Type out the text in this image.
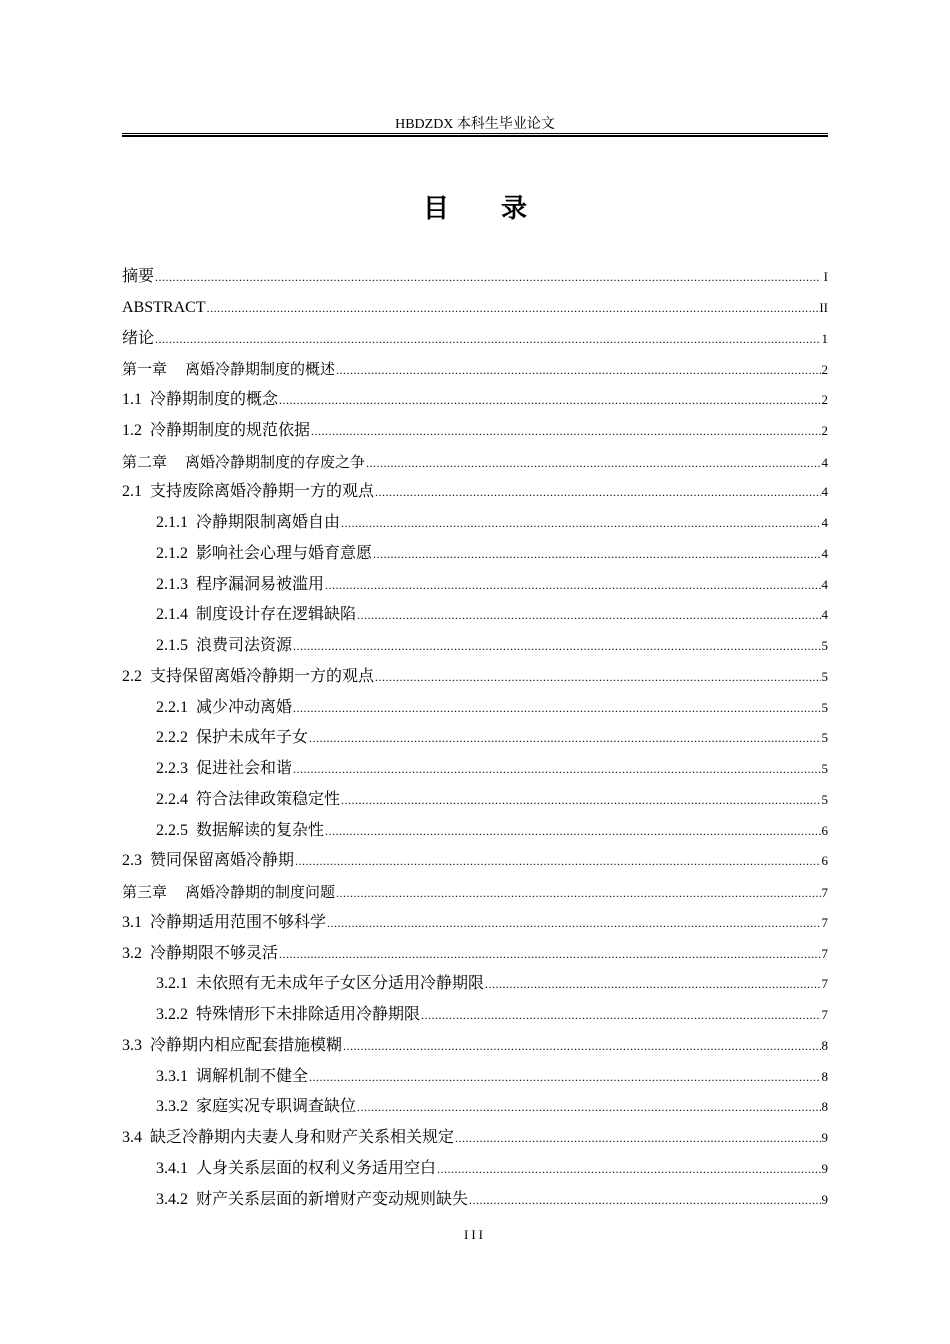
HBDZDX 本科生毕业论文
目录
摘要 .....	I
ABSTRACT .....	II
绪论 .....	1
第一章 离婚冷静期制度的概述 .....	2
1.1 冷静期制度的概念 .....	2
1.2 冷静期制度的规范依据 .....	2
第二章 离婚冷静期制度的存废之争 .....	4
2.1 支持废除离婚冷静期一方的观点 .....	4
2.1.1 冷静期限制离婚自由 .....	4
2.1.2 影响社会心理与婚育意愿 .....	4
2.1.3 程序漏洞易被滥用 .....	4
2.1.4 制度设计存在逻辑缺陷 .....	4
2.1.5 浪费司法资源 .....	5
2.2 支持保留离婚冷静期一方的观点 .....	5
2.2.1 减少冲动离婚 .....	5
2.2.2 保护未成年子女 .....	5
2.2.3 促进社会和谐 .....	5
2.2.4 符合法律政策稳定性 .....	5
2.2.5 数据解读的复杂性 .....	6
2.3 赞同保留离婚冷静期 .....	6
第三章 离婚冷静期的制度问题 .....	7
3.1 冷静期适用范围不够科学 .....	7
3.2 冷静期限不够灵活 .....	7
3.2.1 未依照有无未成年子女区分适用冷静期限 .....	7
3.2.2 特殊情形下未排除适用冷静期限 .....	7
3.3 冷静期内相应配套措施模糊 .....	8
3.3.1 调解机制不健全 .....	8
3.3.2 家庭实况专职调查缺位 .....	8
3.4 缺乏冷静期内夫妻人身和财产关系相关规定 .....	9
3.4.1 人身关系层面的权利义务适用空白 .....	9
3.4.2 财产关系层面的新增财产变动规则缺失 .....	9
III
